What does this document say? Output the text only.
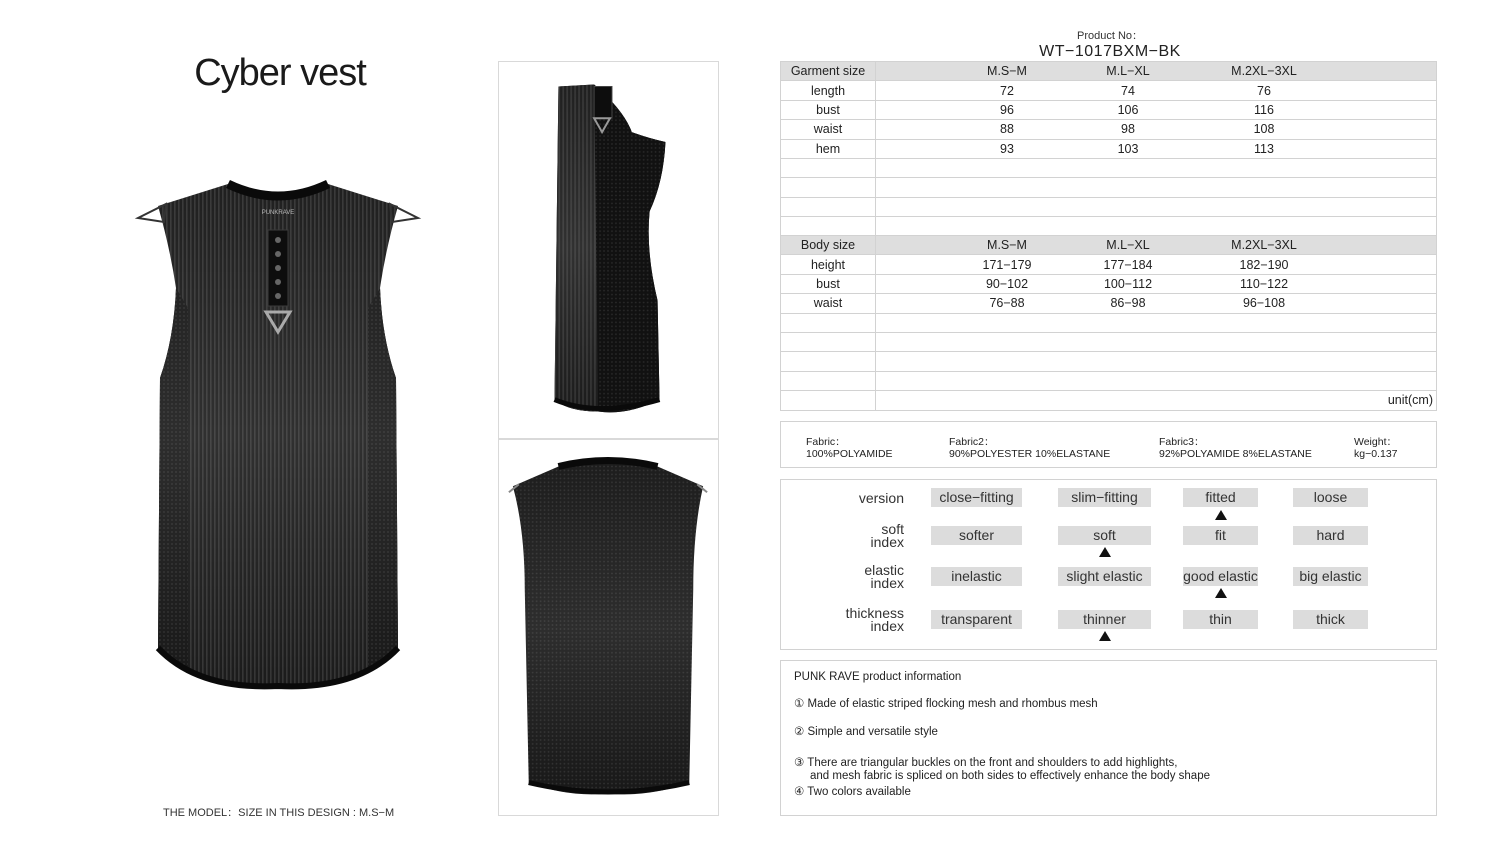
Cyber vest
PUNKRAVE
THE MODEL：SIZE IN THIS DESIGN : M.S−M
Product No：
WT−1017BXM−BK
Garment size	M.S−M M.L−XL M.2XL−3XL

length	72 74 76

bust	96 106 116

waist	88 98 108

hem	93 103 113

Body size	M.S−M M.L−XL M.2XL−3XL

height	171−179 177−184 182−190

bust	90−102 100−112 110−122

waist	76−88 86−98 96−108

	unit(cm)
Fabric：
100%POLYAMIDE
Fabric2：
90%POLYESTER 10%ELASTANE
Fabric3：
92%POLYAMIDE 8%ELASTANE
Weight：
kg−0.137
version	close−fitting	slim−fitting	fitted	loose
soft
index	softer	soft	fit	hard
elastic
index	inelastic	slight elastic	good elastic	big elastic
thickness
index	transparent	thinner	thin	thick
PUNK RAVE product information
① Made of elastic striped flocking mesh and rhombus mesh
② Simple and versatile style
③ There are triangular buckles on the front and shoulders to add highlights,
and mesh fabric is spliced on both sides to effectively enhance the body shape
④ Two colors available
